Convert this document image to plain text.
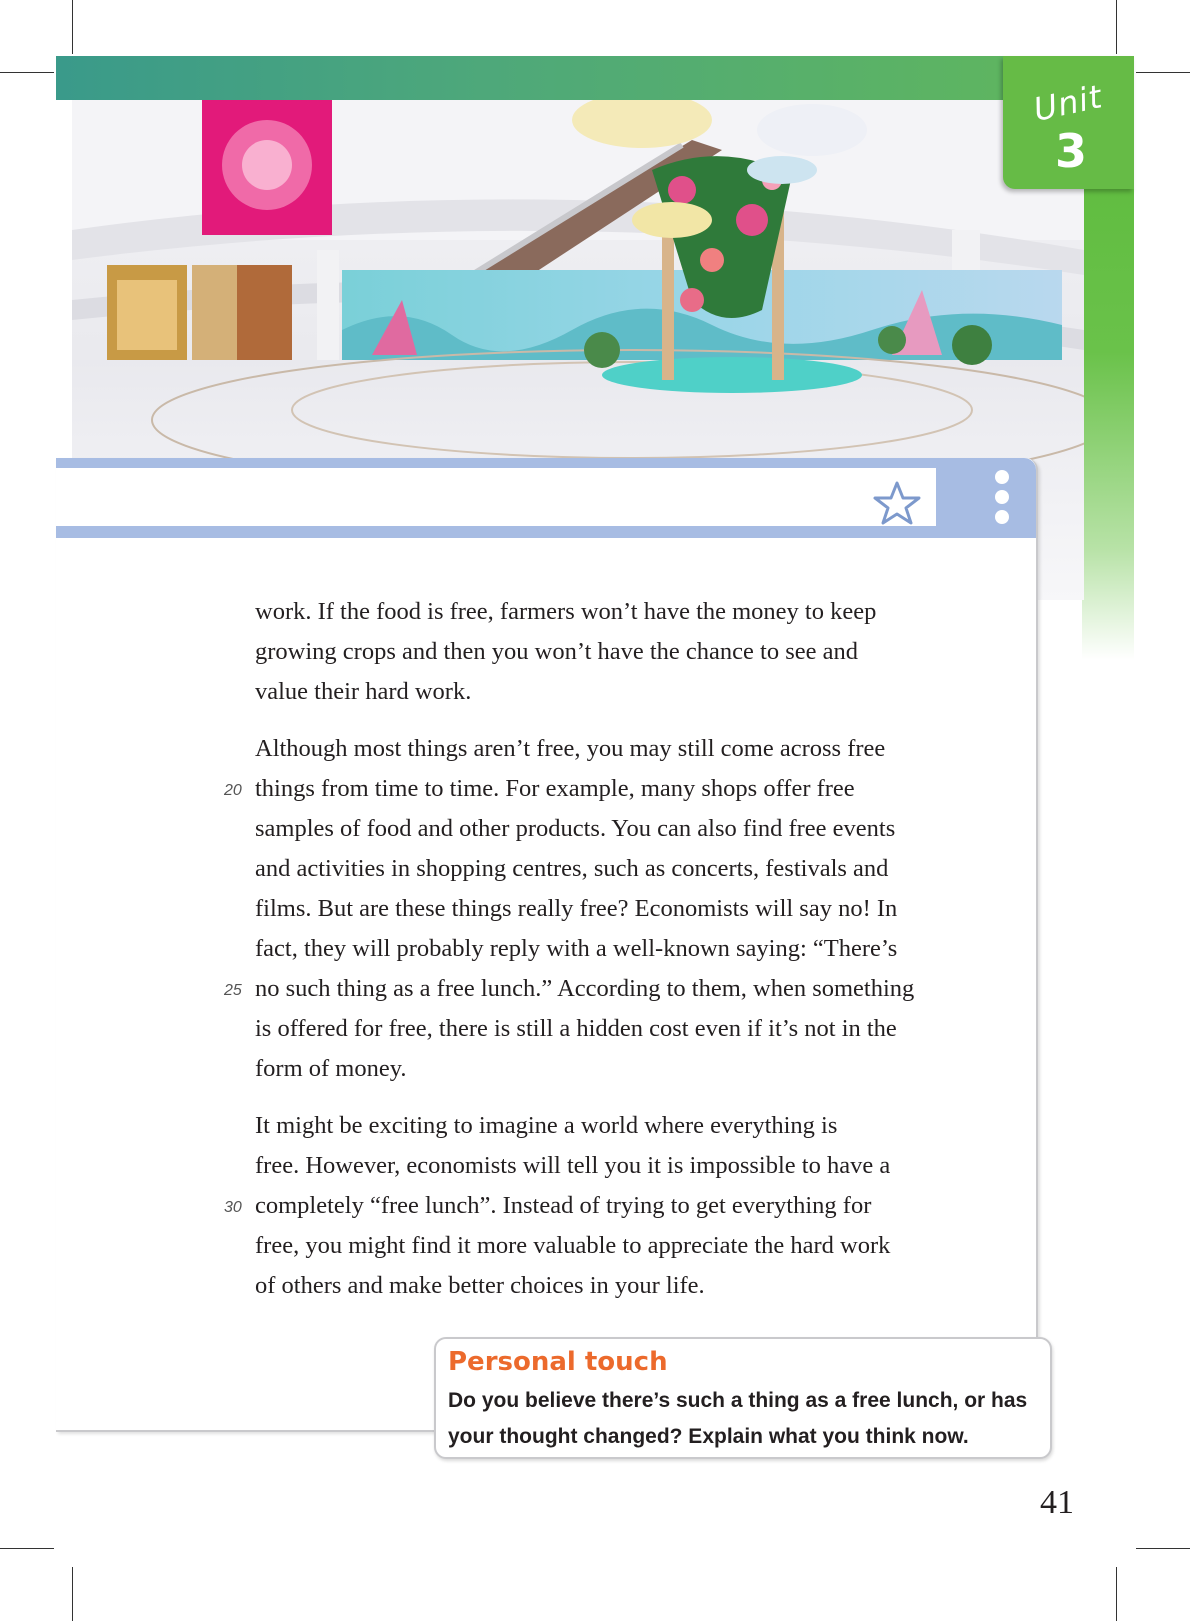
Unit
3
work. If the food is free, farmers won’t have the money to keep
growing crops and then you won’t have the chance to see and
value their hard work.
Although most things aren’t free, you may still come across free
20 things from time to time. For example, many shops offer free
samples of food and other products. You can also find free events
and activities in shopping centres, such as concerts, festivals and
films. But are these things really free? Economists will say no! In
fact, they will probably reply with a well-known saying: “There’s
25 no such thing as a free lunch.” According to them, when something
is offered for free, there is still a hidden cost even if it’s not in the
form of money.
It might be exciting to imagine a world where everything is
free. However, economists will tell you it is impossible to have a
30 completely “free lunch”. Instead of trying to get everything for
free, you might find it more valuable to appreciate the hard work
of others and make better choices in your life.
Personal touch
Do you believe there’s such a thing as a free lunch, or has
your thought changed? Explain what you think now.
41
